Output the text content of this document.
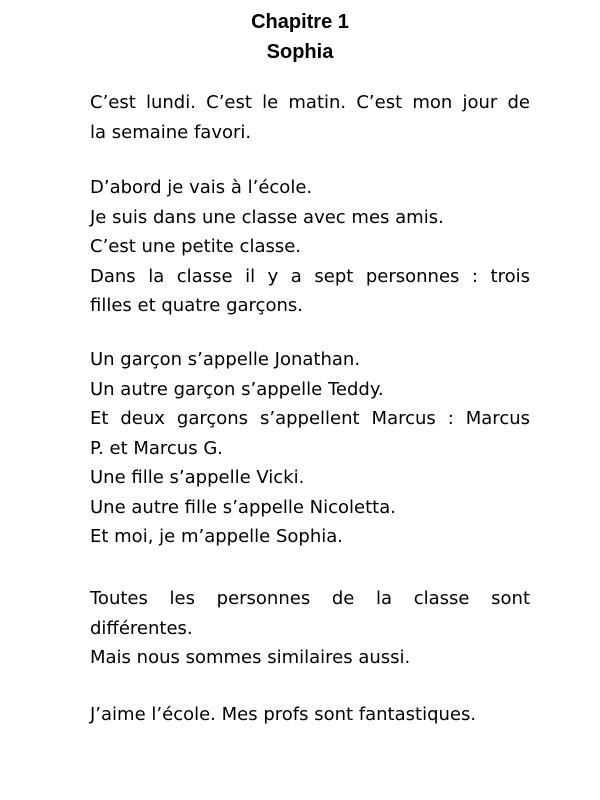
Chapitre 1
Sophia
C’est lundi. C’est le matin. C’est mon jour de
la semaine favori.
D’abord je vais à l’école.
Je suis dans une classe avec mes amis.
C’est une petite classe.
Dans la classe il y a sept personnes : trois
filles et quatre garçons.
Un garçon s’appelle Jonathan.
Un autre garçon s’appelle Teddy.
Et deux garçons s’appellent Marcus : Marcus
P. et Marcus G.
Une fille s’appelle Vicki.
Une autre fille s’appelle Nicoletta.
Et moi, je m’appelle Sophia.
Toutes les personnes de la classe sont
différentes.
Mais nous sommes similaires aussi.
J’aime l’école. Mes profs sont fantastiques.
